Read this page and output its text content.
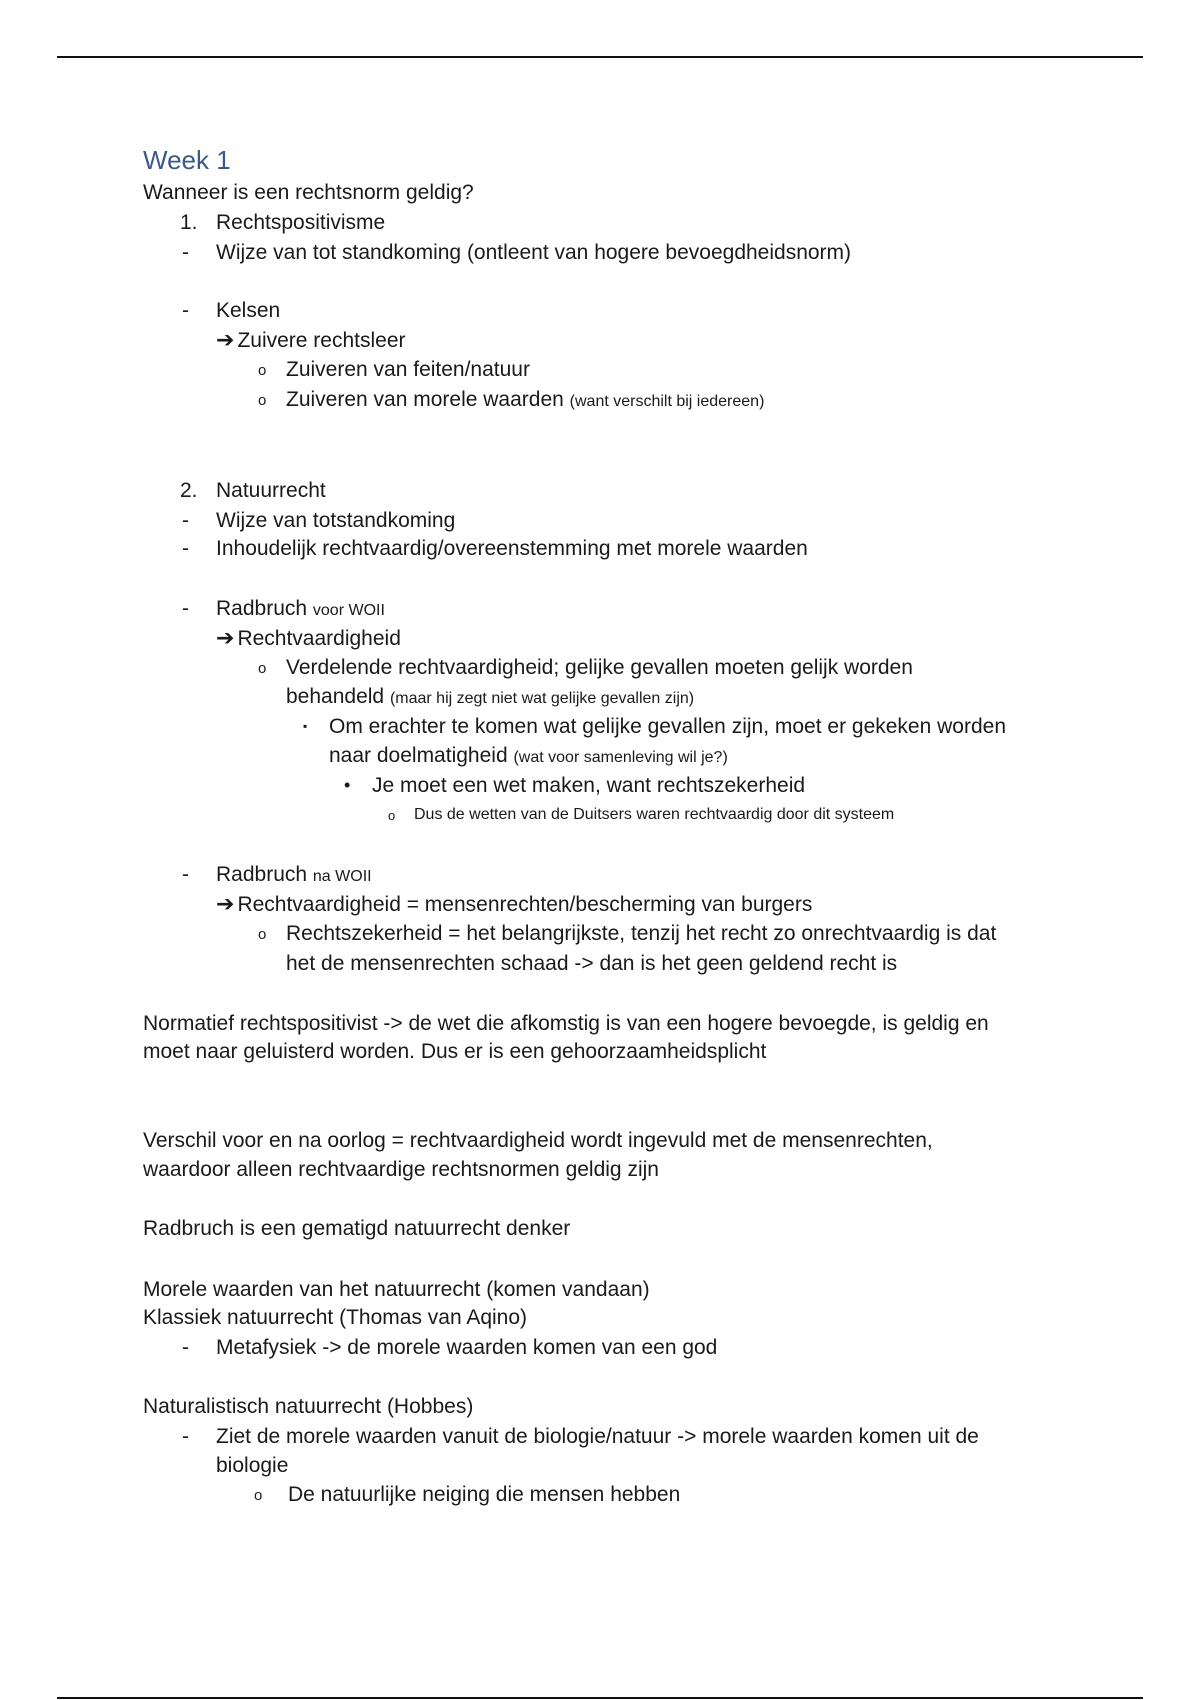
Week 1
Wanneer is een rechtsnorm geldig?
1. Rechtspositivisme
- Wijze van tot standkoming (ontleent van hogere bevoegdheidsnorm)
- Kelsen
➔ Zuivere rechtsleer
o Zuiveren van feiten/natuur
o Zuiveren van morele waarden (want verschilt bij iedereen)
2. Natuurrecht
- Wijze van totstandkoming
- Inhoudelijk rechtvaardig/overeenstemming met morele waarden
- Radbruch voor WOII
➔ Rechtvaardigheid
o Verdelende rechtvaardigheid; gelijke gevallen moeten gelijk worden
behandeld (maar hij zegt niet wat gelijke gevallen zijn)
▪ Om erachter te komen wat gelijke gevallen zijn, moet er gekeken worden
naar doelmatigheid (wat voor samenleving wil je?)
• Je moet een wet maken, want rechtszekerheid
o Dus de wetten van de Duitsers waren rechtvaardig door dit systeem
- Radbruch na WOII
➔ Rechtvaardigheid = mensenrechten/bescherming van burgers
o Rechtszekerheid = het belangrijkste, tenzij het recht zo onrechtvaardig is dat
het de mensenrechten schaad -> dan is het geen geldend recht is
Normatief rechtspositivist -> de wet die afkomstig is van een hogere bevoegde, is geldig en
moet naar geluisterd worden. Dus er is een gehoorzaamheidsplicht
Verschil voor en na oorlog = rechtvaardigheid wordt ingevuld met de mensenrechten,
waardoor alleen rechtvaardige rechtsnormen geldig zijn
Radbruch is een gematigd natuurrecht denker
Morele waarden van het natuurrecht (komen vandaan)
Klassiek natuurrecht (Thomas van Aqino)
- Metafysiek -> de morele waarden komen van een god
Naturalistisch natuurrecht (Hobbes)
- Ziet de morele waarden vanuit de biologie/natuur -> morele waarden komen uit de
biologie
o De natuurlijke neiging die mensen hebben
